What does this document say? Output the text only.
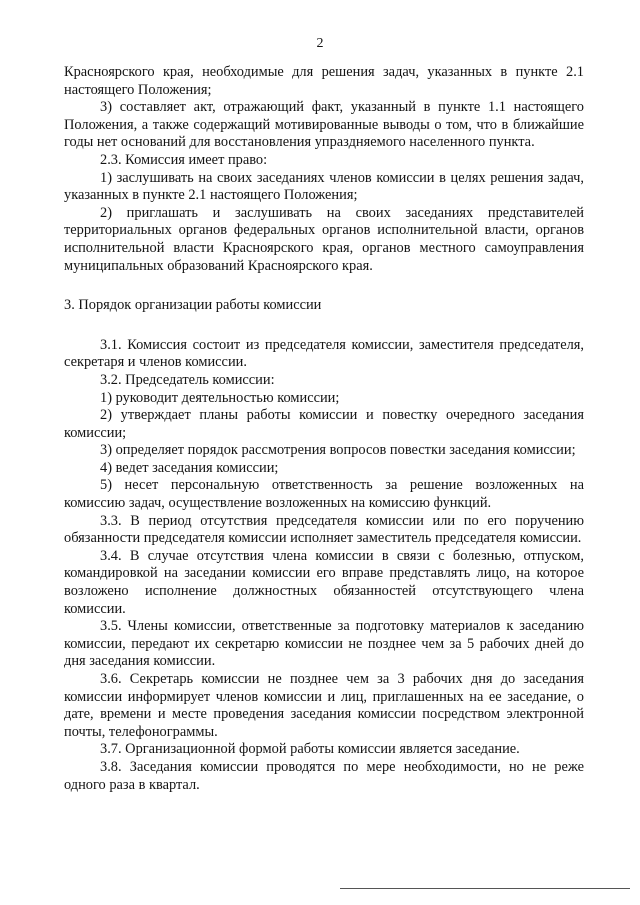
2

Красноярского края, необходимые для решения задач, указанных в пункте 2.1 настоящего Положения;

3) составляет акт, отражающий факт, указанный в пункте 1.1 настоящего Положения, а также содержащий мотивированные выводы о том, что в ближайшие годы нет оснований для восстановления упраздняемого населенного пункта.

2.3. Комиссия имеет право:

1) заслушивать на своих заседаниях членов комиссии в целях решения задач, указанных в пункте 2.1 настоящего Положения;

2) приглашать и заслушивать на своих заседаниях представителей территориальных органов федеральных органов исполнительной власти, органов исполнительной власти Красноярского края, органов местного самоуправления муниципальных образований Красноярского края.

3. Порядок организации работы комиссии

3.1. Комиссия состоит из председателя комиссии, заместителя председателя, секретаря и членов комиссии.

3.2. Председатель комиссии:

1) руководит деятельностью комиссии;

2) утверждает планы работы комиссии и повестку очередного заседания комиссии;

3) определяет порядок рассмотрения вопросов повестки заседания комиссии;

4) ведет заседания комиссии;

5) несет персональную ответственность за решение возложенных на комиссию задач, осуществление возложенных на комиссию функций.

3.3. В период отсутствия председателя комиссии или по его поручению обязанности председателя комиссии исполняет заместитель председателя комиссии.

3.4. В случае отсутствия члена комиссии в связи с болезнью, отпуском, командировкой на заседании комиссии его вправе представлять лицо, на которое возложено исполнение должностных обязанностей отсутствующего члена комиссии.

3.5. Члены комиссии, ответственные за подготовку материалов к заседанию комиссии, передают их секретарю комиссии не позднее чем за 5 рабочих дней до дня заседания комиссии.

3.6. Секретарь комиссии не позднее чем за 3 рабочих дня до заседания комиссии информирует членов комиссии и лиц, приглашенных на ее заседание, о дате, времени и месте проведения заседания комиссии посредством электронной почты, телефонограммы.

3.7. Организационной формой работы комиссии является заседание.

3.8. Заседания комиссии проводятся по мере необходимости, но не реже одного раза в квартал.
